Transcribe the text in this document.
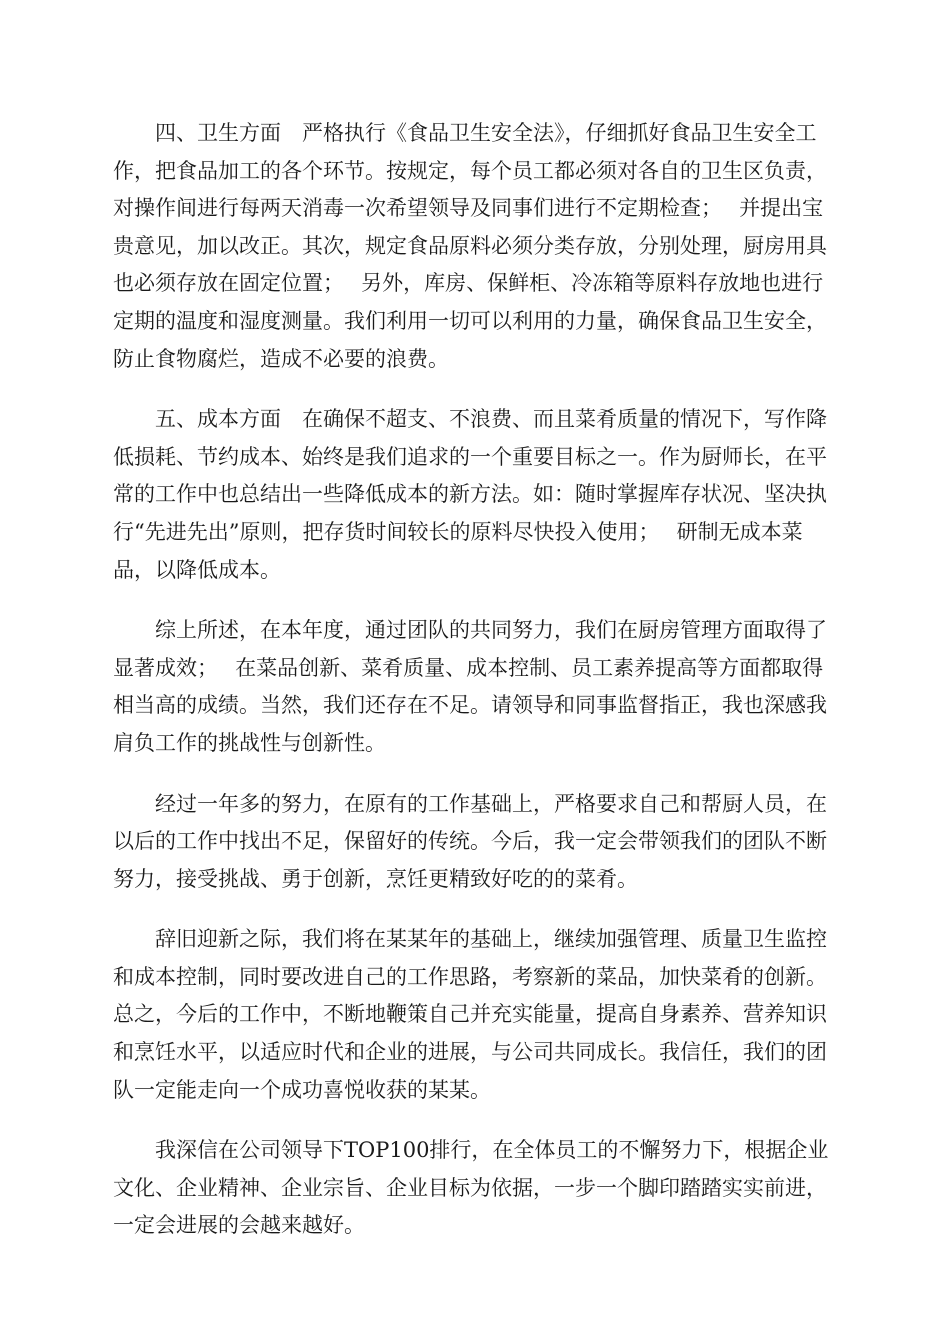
四、卫生方面　严格执行《食品卫生安全法》，仔细抓好食品卫生安全工作，把食品加工的各个环节。按规定，每个员工都必须对各自的卫生区负责，对操作间进行每两天消毒一次希望领导及同事们进行不定期检查；　 并提出宝贵意见，加以改正。其次，规定食品原料必须分类存放，分别处理，厨房用具也必须存放在固定位置；　 另外，库房、保鲜柜、冷冻箱等原料存放地也进行定期的温度和湿度测量。我们利用一切可以利用的力量，确保食品卫生安全，防止食物腐烂，造成不必要的浪费。

五、成本方面　在确保不超支、不浪费、而且菜肴质量的情况下，写作降低损耗、节约成本、始终是我们追求的一个重要目标之一。作为厨师长，在平常的工作中也总结出一些降低成本的新方法。如：随时掌握库存状况、坚决执行“先进先出”原则，把存货时间较长的原料尽快投入使用；　 研制无成本菜品，以降低成本。

综上所述，在本年度，通过团队的共同努力，我们在厨房管理方面取得了显著成效；　 在菜品创新、菜肴质量、成本控制、员工素养提高等方面都取得相当高的成绩。当然，我们还存在不足。请领导和同事监督指正，我也深感我肩负工作的挑战性与创新性。

经过一年多的努力，在原有的工作基础上，严格要求自己和帮厨人员，在以后的工作中找出不足，保留好的传统。今后，我一定会带领我们的团队不断努力，接受挑战、勇于创新，烹饪更精致好吃的的菜肴。

辞旧迎新之际，我们将在某某年的基础上，继续加强管理、质量卫生监控和成本控制，同时要改进自己的工作思路，考察新的菜品，加快菜肴的创新。总之，今后的工作中，不断地鞭策自己并充实能量，提高自身素养、营养知识和烹饪水平，以适应时代和企业的进展，与公司共同成长。我信任，我们的团队一定能走向一个成功喜悦收获的某某。

我深信在公司领导下TOP100排行，在全体员工的不懈努力下，根据企业文化、企业精神、企业宗旨、企业目标为依据，一步一个脚印踏踏实实前进，一定会进展的会越来越好。
